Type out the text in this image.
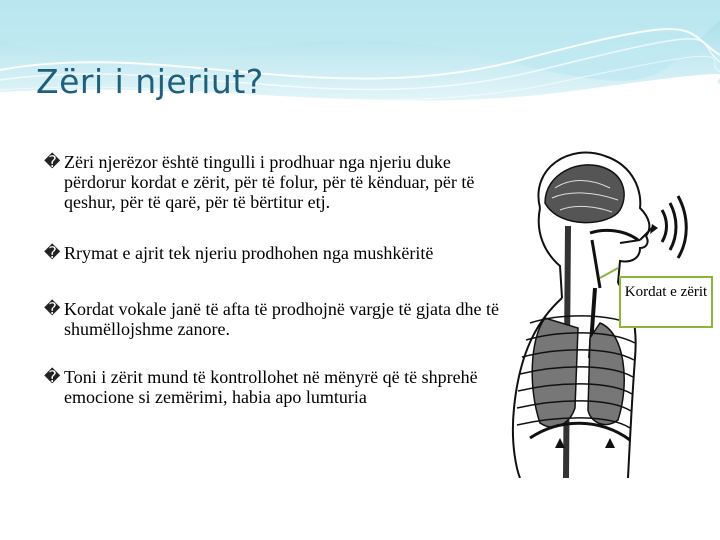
Zëri i njeriut?
� Zëri njerëzor është tingulli i prodhuar nga njeriu duke përdorur kordat e zërit, për të folur, për të kënduar, për të qeshur, për të qarë, për të bërtitur etj.
� Rrymat e ajrit tek njeriu prodhohen nga mushkëritë
� Kordat vokale janë të afta të prodhojnë vargje të gjata dhe të shumëllojshme zanore.
� Toni i zërit mund të kontrollohet në mënyrë që të shprehë emocione si zemërimi, habia apo lumturia
Kordat e zërit
